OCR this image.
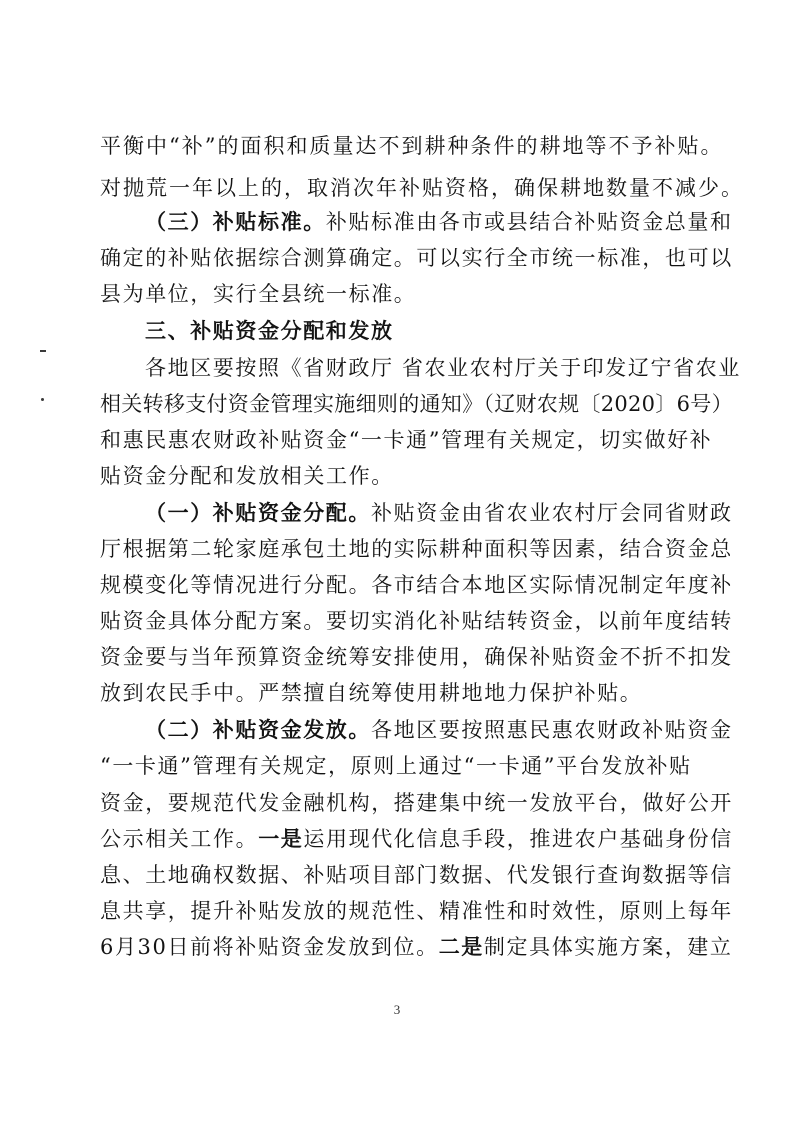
平衡中“补”的面积和质量达不到耕种条件的耕地等不予补贴。
对抛荒一年以上的，取消次年补贴资格，确保耕地数量不减少。
（三）补贴标准。补贴标准由各市或县结合补贴资金总量和
确定的补贴依据综合测算确定。可以实行全市统一标准，也可以
县为单位，实行全县统一标准。
三、补贴资金分配和发放
各地区要按照《省财政厅 省农业农村厅关于印发辽宁省农业
相关转移支付资金管理实施细则的通知》（辽财农规〔2020〕6号）
和惠民惠农财政补贴资金“一卡通”管理有关规定，切实做好补
贴资金分配和发放相关工作。
（一）补贴资金分配。补贴资金由省农业农村厅会同省财政
厅根据第二轮家庭承包土地的实际耕种面积等因素，结合资金总
规模变化等情况进行分配。各市结合本地区实际情况制定年度补
贴资金具体分配方案。要切实消化补贴结转资金，以前年度结转
资金要与当年预算资金统筹安排使用，确保补贴资金不折不扣发
放到农民手中。严禁擅自统筹使用耕地地力保护补贴。
（二）补贴资金发放。各地区要按照惠民惠农财政补贴资金
“一卡通”管理有关规定，原则上通过“一卡通”平台发放补贴
资金，要规范代发金融机构，搭建集中统一发放平台，做好公开
公示相关工作。一是运用现代化信息手段，推进农户基础身份信
息、土地确权数据、补贴项目部门数据、代发银行查询数据等信
息共享，提升补贴发放的规范性、精准性和时效性，原则上每年
6月30日前将补贴资金发放到位。二是制定具体实施方案，建立
3
